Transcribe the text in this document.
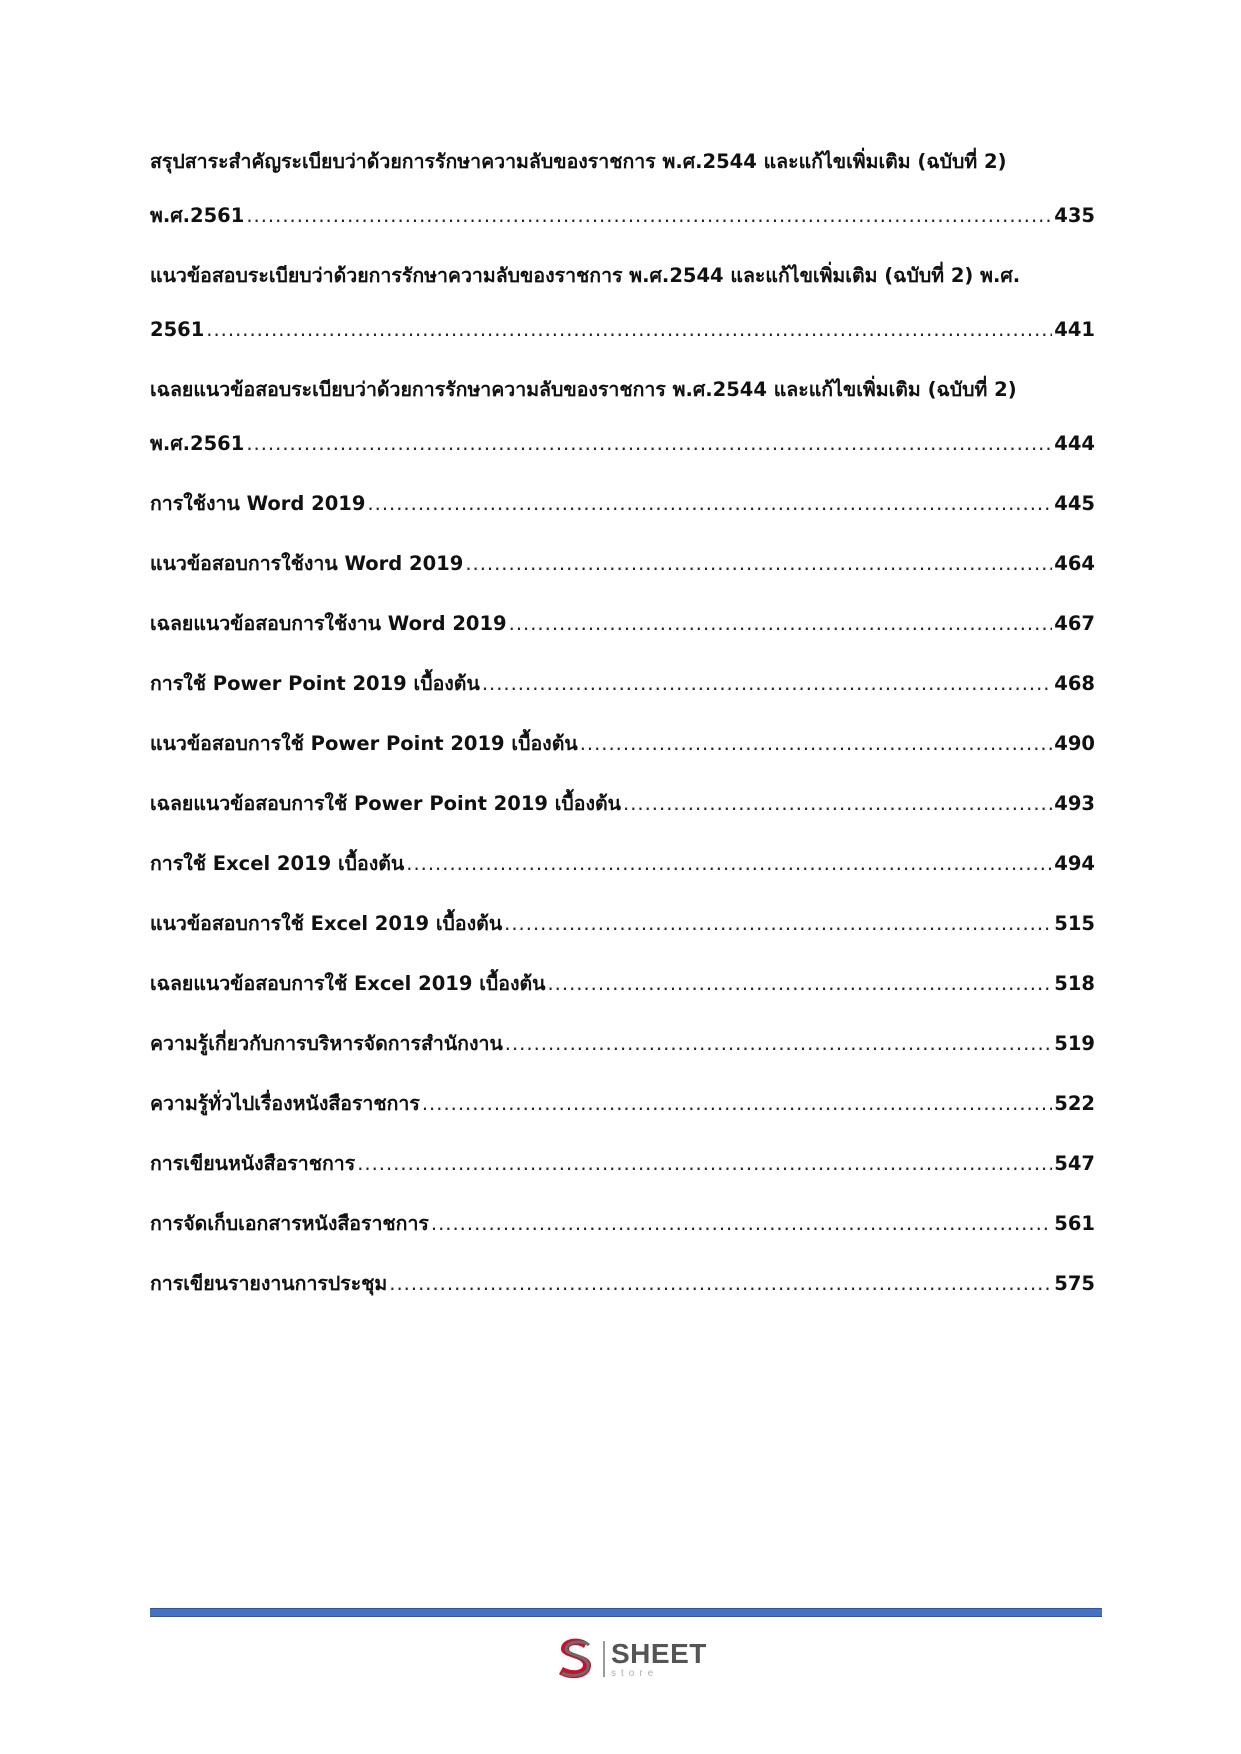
สรุปสาระสำคัญระเบียบว่าด้วยการรักษาความลับของราชการ พ.ศ.2544 และแก้ไขเพิ่มเติม (ฉบับที่ 2)
พ.ศ.2561 .....	435
แนวข้อสอบระเบียบว่าด้วยการรักษาความลับของราชการ พ.ศ.2544 และแก้ไขเพิ่มเติม (ฉบับที่ 2) พ.ศ.
2561 .....	441
เฉลยแนวข้อสอบระเบียบว่าด้วยการรักษาความลับของราชการ พ.ศ.2544 และแก้ไขเพิ่มเติม (ฉบับที่ 2)
พ.ศ.2561 .....	444
การใช้งาน Word 2019 .....	445
แนวข้อสอบการใช้งาน Word 2019 .....	464
เฉลยแนวข้อสอบการใช้งาน Word 2019 .....	467
การใช้ Power Point 2019 เบื้องต้น .....	468
แนวข้อสอบการใช้ Power Point 2019 เบื้องต้น .....	490
เฉลยแนวข้อสอบการใช้ Power Point 2019 เบื้องต้น .....	493
การใช้ Excel 2019 เบื้องต้น .....	494
แนวข้อสอบการใช้ Excel 2019 เบื้องต้น .....	515
เฉลยแนวข้อสอบการใช้ Excel 2019 เบื้องต้น .....	518
ความรู้เกี่ยวกับการบริหารจัดการสำนักงาน .....	519
ความรู้ทั่วไปเรื่องหนังสือราชการ .....	522
การเขียนหนังสือราชการ .....	547
การจัดเก็บเอกสารหนังสือราชการ .....	561
การเขียนรายงานการประชุม .....	575
SHEET
store
